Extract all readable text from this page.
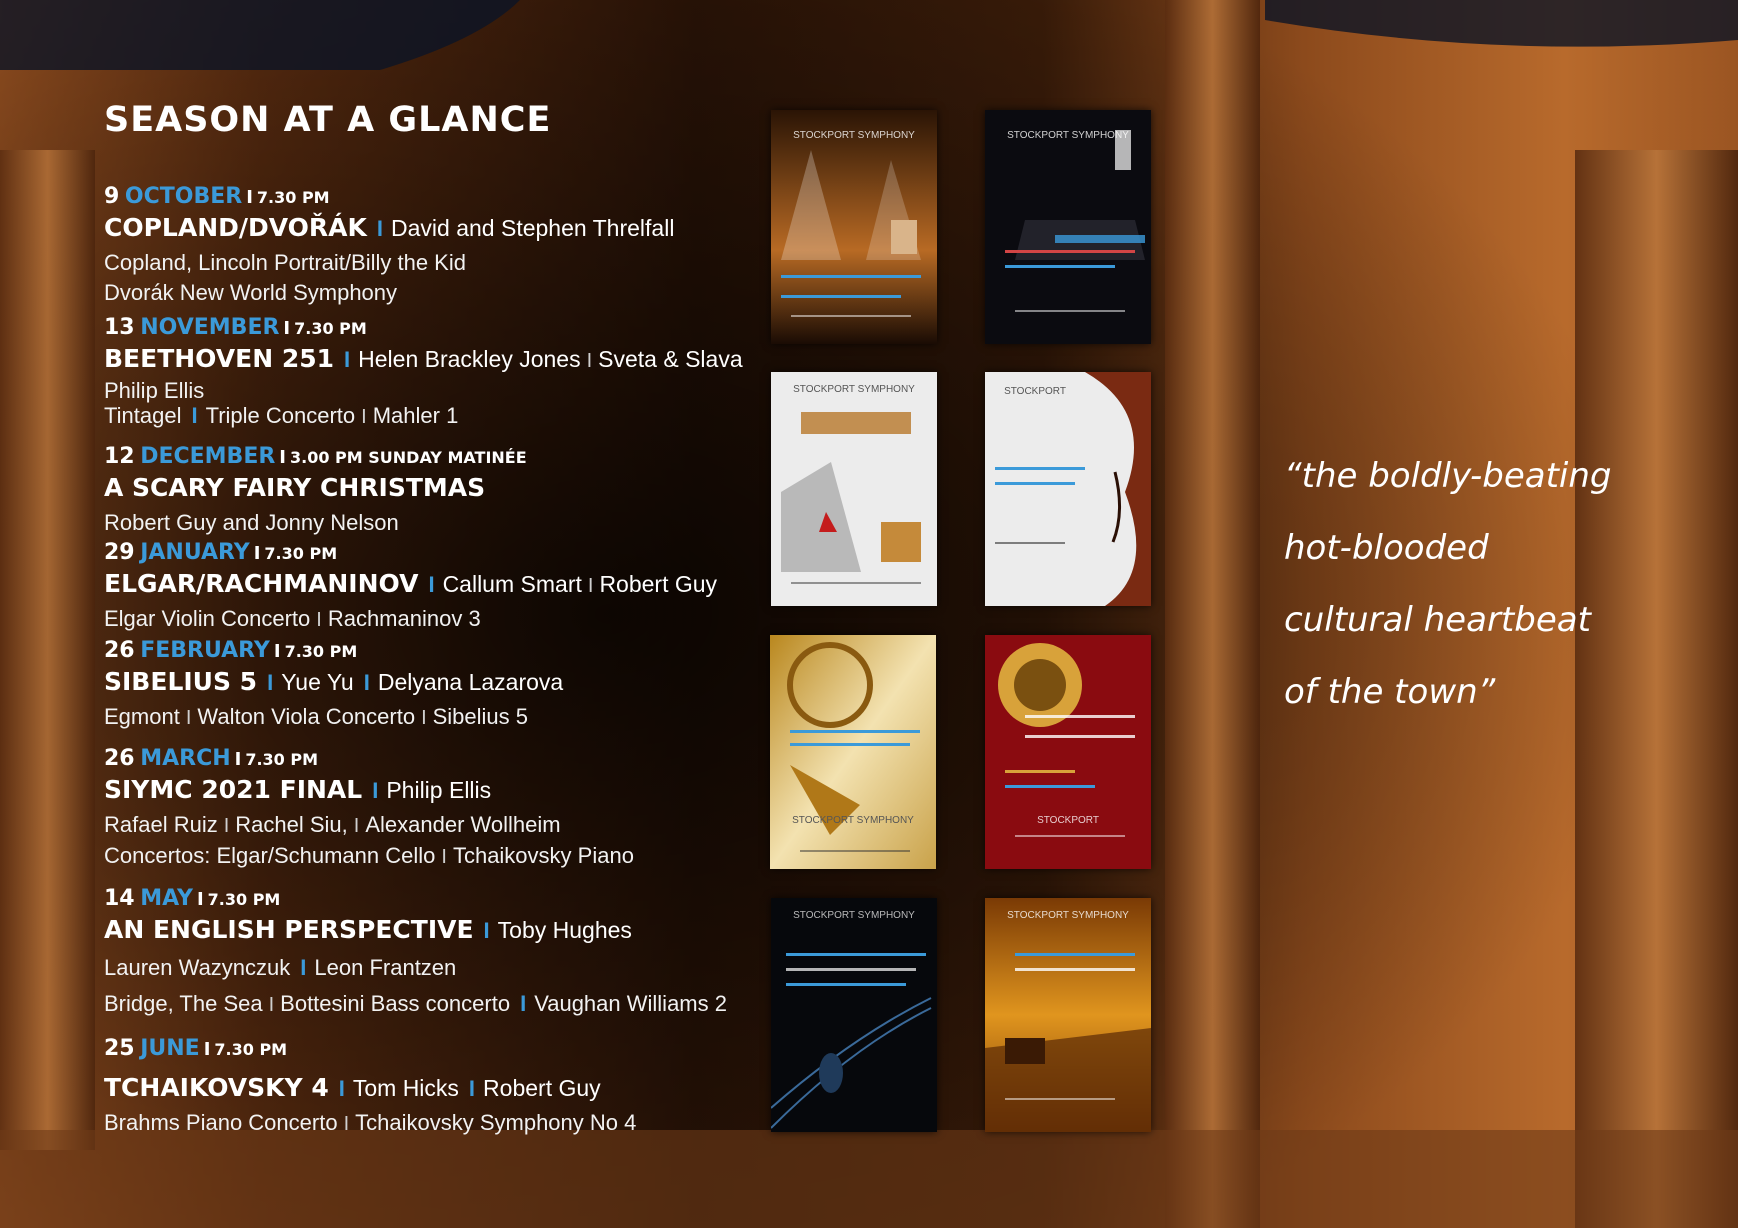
SEASON AT A GLANCE
9 OCTOBER I 7.30 PM
COPLAND/DVOŘÁK I David and Stephen Threlfall
Copland, Lincoln Portrait/Billy the Kid
Dvorák New World Symphony
13 NOVEMBER I 7.30 PM
BEETHOVEN 251 I Helen Brackley Jones I Sveta & Slava
Philip Ellis
Tintagel I Triple Concerto I Mahler 1
12 DECEMBER I 3.00 PM SUNDAY MATINÉE
A SCARY FAIRY CHRISTMAS
Robert Guy and Jonny Nelson
29 JANUARY I 7.30 PM
ELGAR/RACHMANINOV I Callum Smart I Robert Guy
Elgar Violin Concerto I Rachmaninov 3
26 FEBRUARY I 7.30 PM
SIBELIUS 5 I Yue Yu I Delyana Lazarova
Egmont I Walton Viola Concerto I Sibelius 5
26 MARCH I 7.30 PM
SIYMC 2021 FINAL I Philip Ellis
Rafael Ruiz I Rachel Siu, I Alexander Wollheim
Concertos: Elgar/Schumann Cello I Tchaikovsky Piano
14 MAY I 7.30 PM
AN ENGLISH PERSPECTIVE I Toby Hughes
Lauren Wazynczuk I Leon Frantzen
Bridge, The Sea I Bottesini Bass concerto I Vaughan Williams 2
25 JUNE I 7.30 PM
TCHAIKOVSKY 4 I Tom Hicks I Robert Guy
Brahms Piano Concerto I Tchaikovsky Symphony No 4
STOCKPORT SYMPHONY	STOCKPORT SYMPHONY
STOCKPORT SYMPHONY	STOCKPORT
STOCKPORT SYMPHONY	STOCKPORT
STOCKPORT SYMPHONY	STOCKPORT SYMPHONY

“the boldly-beating
hot-blooded
cultural heartbeat
of the town”
